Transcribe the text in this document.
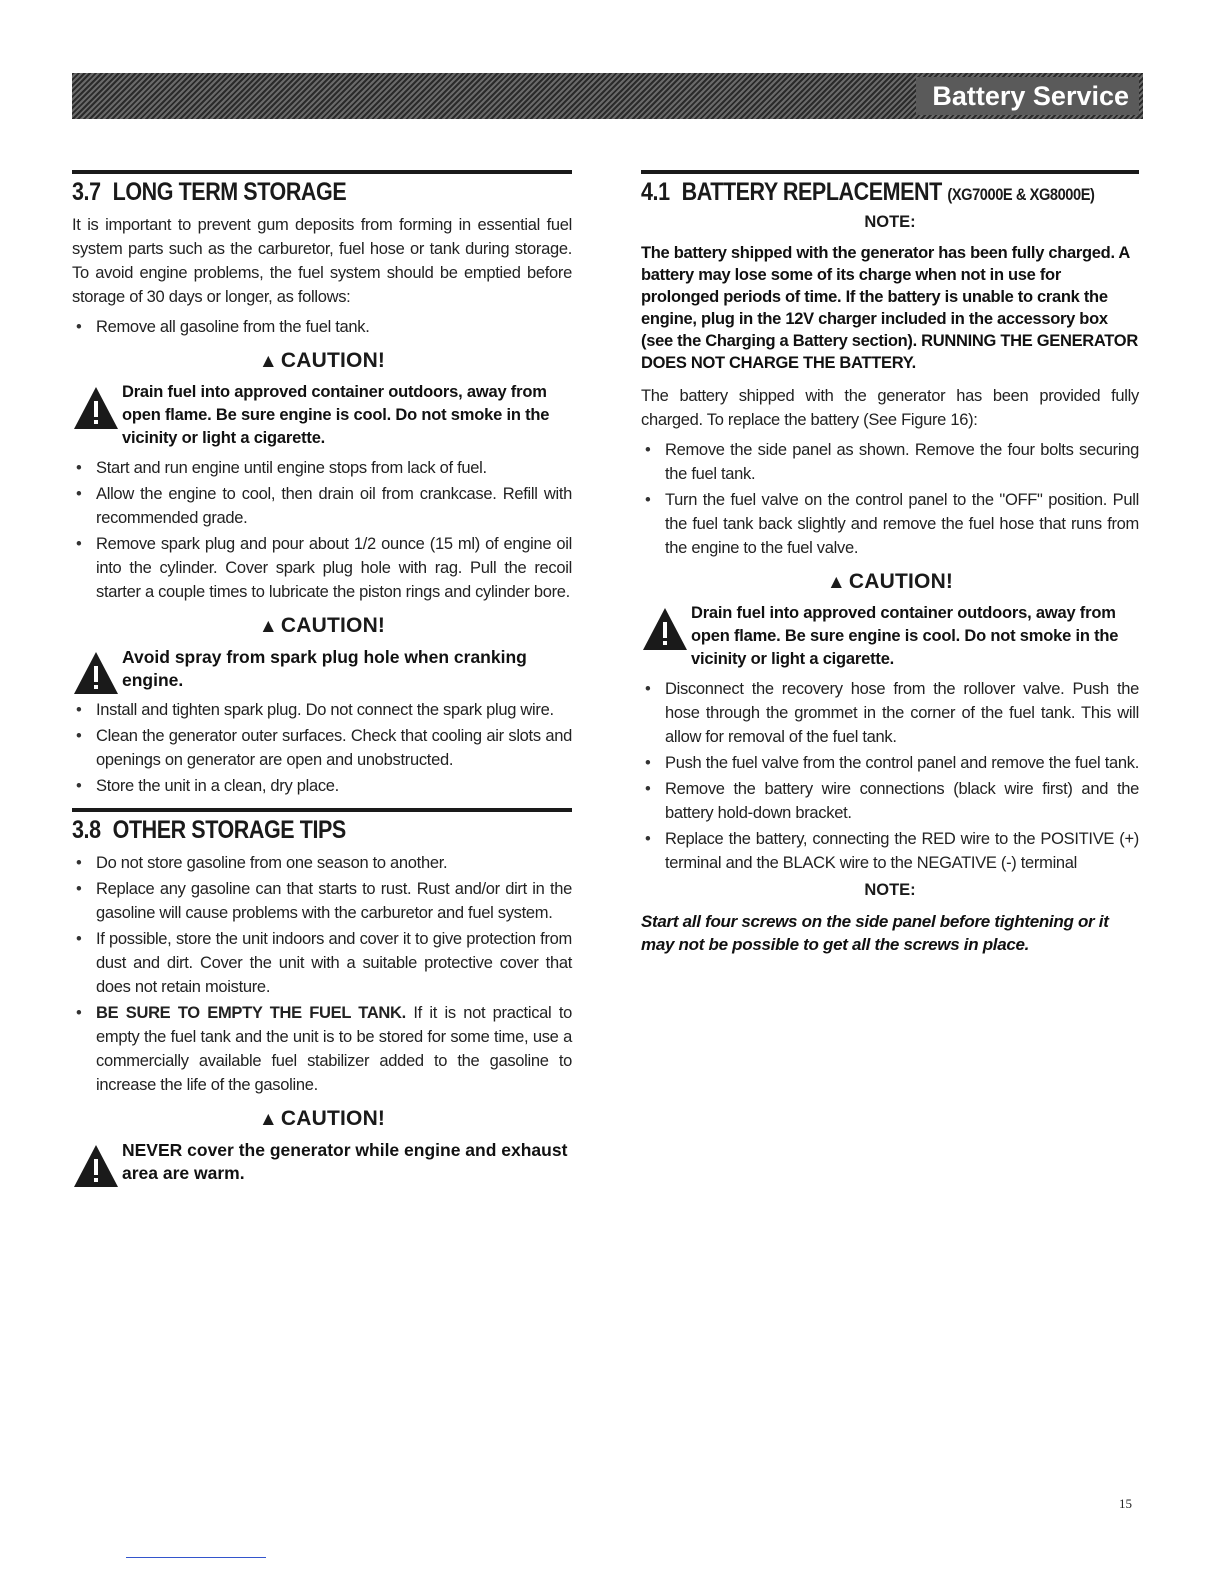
Battery Service
3.7 LONG TERM STORAGE

It is important to prevent gum deposits from forming in essential fuel system parts such as the carburetor, fuel hose or tank during storage. To avoid engine problems, the fuel system should be emptied before storage of 30 days or longer, as follows:

• Remove all gasoline from the fuel tank.
▲ CAUTION!
Drain fuel into approved container outdoors, away from open flame. Be sure engine is cool. Do not smoke in the vicinity or light a cigarette.
• Start and run engine until engine stops from lack of fuel.
• Allow the engine to cool, then drain oil from crankcase. Refill with recommended grade.
• Remove spark plug and pour about 1/2 ounce (15 ml) of engine oil into the cylinder. Cover spark plug hole with rag. Pull the recoil starter a couple times to lubricate the piston rings and cylinder bore.
▲ CAUTION!
Avoid spray from spark plug hole when cranking engine.
• Install and tighten spark plug. Do not connect the spark plug wire.
• Clean the generator outer surfaces. Check that cooling air slots and openings on generator are open and unobstructed.
• Store the unit in a clean, dry place.
3.8 OTHER STORAGE TIPS
• Do not store gasoline from one season to another.
• Replace any gasoline can that starts to rust. Rust and/or dirt in the gasoline will cause problems with the carburetor and fuel system.
• If possible, store the unit indoors and cover it to give protection from dust and dirt. Cover the unit with a suitable protective cover that does not retain moisture.
• BE SURE TO EMPTY THE FUEL TANK. If it is not practical to empty the fuel tank and the unit is to be stored for some time, use a commercially available fuel stabilizer added to the gasoline to increase the life of the gasoline.
▲ CAUTION!
NEVER cover the generator while engine and exhaust area are warm.
4.1 BATTERY REPLACEMENT (XG7000E & XG8000E)
NOTE:

The battery shipped with the generator has been fully charged. A battery may lose some of its charge when not in use for prolonged periods of time. If the battery is unable to crank the engine, plug in the 12V charger included in the accessory box (see the Charging a Battery section). RUNNING THE GENERATOR DOES NOT CHARGE THE BATTERY.

The battery shipped with the generator has been provided fully charged. To replace the battery (See Figure 16):

• Remove the side panel as shown. Remove the four bolts securing the fuel tank.
• Turn the fuel valve on the control panel to the "OFF" position. Pull the fuel tank back slightly and remove the fuel hose that runs from the engine to the fuel valve.
▲ CAUTION!
Drain fuel into approved container outdoors, away from open flame. Be sure engine is cool. Do not smoke in the vicinity or light a cigarette.
• Disconnect the recovery hose from the rollover valve. Push the hose through the grommet in the corner of the fuel tank. This will allow for removal of the fuel tank.
• Push the fuel valve from the control panel and remove the fuel tank.
• Remove the battery wire connections (black wire first) and the battery hold-down bracket.
• Replace the battery, connecting the RED wire to the POSITIVE (+) terminal and the BLACK wire to the NEGATIVE (-) terminal
NOTE:

Start all four screws on the side panel before tightening or it may not be possible to get all the screws in place.

15
